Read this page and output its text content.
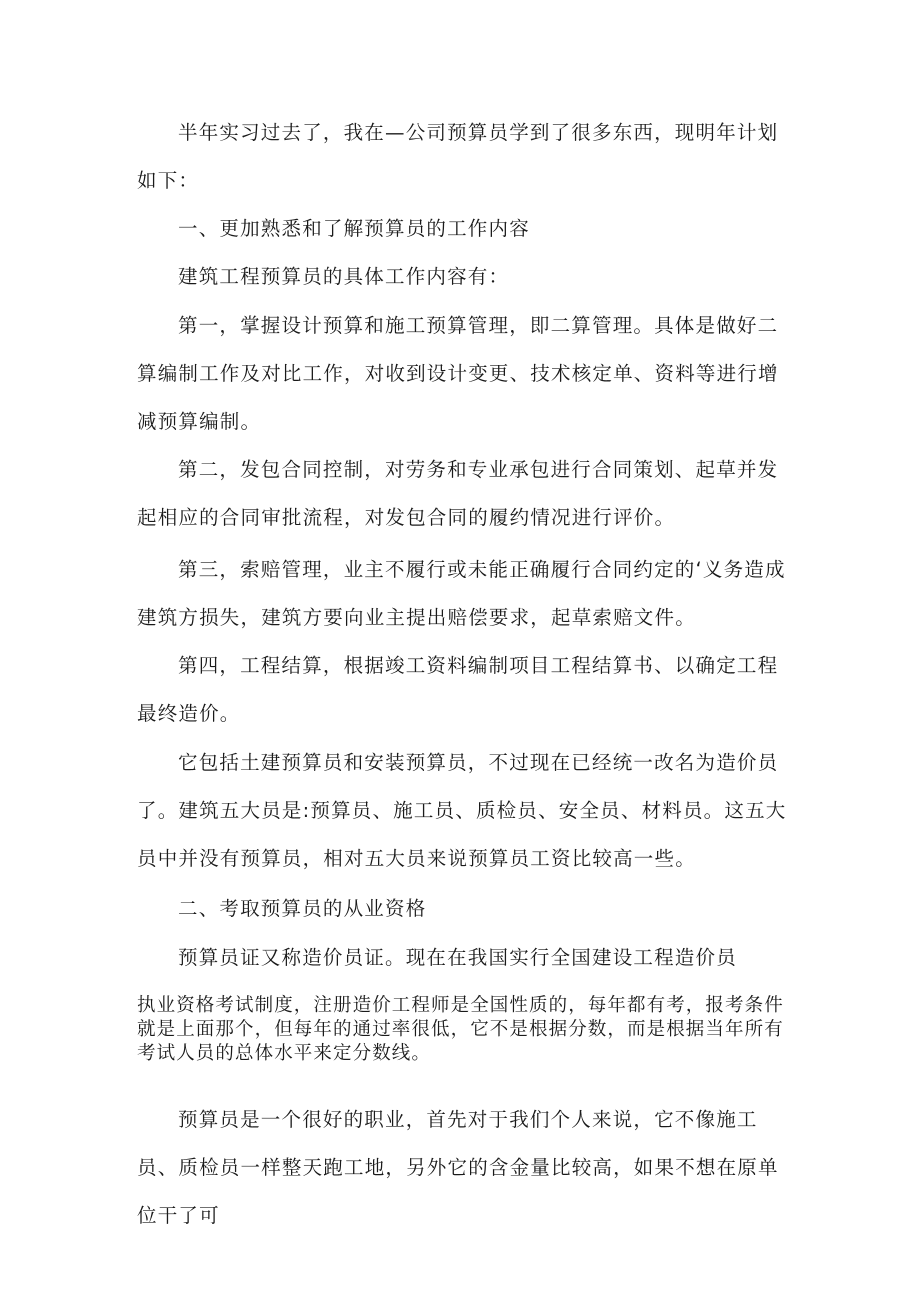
半年实习过去了，我在—公司预算员学到了很多东西，现明年计划如下：

一、更加熟悉和了解预算员的工作内容

建筑工程预算员的具体工作内容有：

第一，掌握设计预算和施工预算管理，即二算管理。具体是做好二算编制工作及对比工作，对收到设计变更、技术核定单、资料等进行增减预算编制。

第二，发包合同控制，对劳务和专业承包进行合同策划、起草并发起相应的合同审批流程，对发包合同的履约情况进行评价。

第三，索赔管理，业主不履行或未能正确履行合同约定的‘义务造成建筑方损失，建筑方要向业主提出赔偿要求，起草索赔文件。

第四，工程结算，根据竣工资料编制项目工程结算书、以确定工程最终造价。

它包括土建预算员和安装预算员，不过现在已经统一改名为造价员了。建筑五大员是:预算员、施工员、质检员、安全员、材料员。这五大员中并没有预算员，相对五大员来说预算员工资比较高一些。

二、考取预算员的从业资格

预算员证又称造价员证。现在在我国实行全国建设工程造价员

执业资格考试制度，注册造价工程师是全国性质的，每年都有考，报考条件就是上面那个，但每年的通过率很低，它不是根据分数，而是根据当年所有考试人员的总体水平来定分数线。

预算员是一个很好的职业，首先对于我们个人来说，它不像施工员、质检员一样整天跑工地，另外它的含金量比较高，如果不想在原单位干了可
